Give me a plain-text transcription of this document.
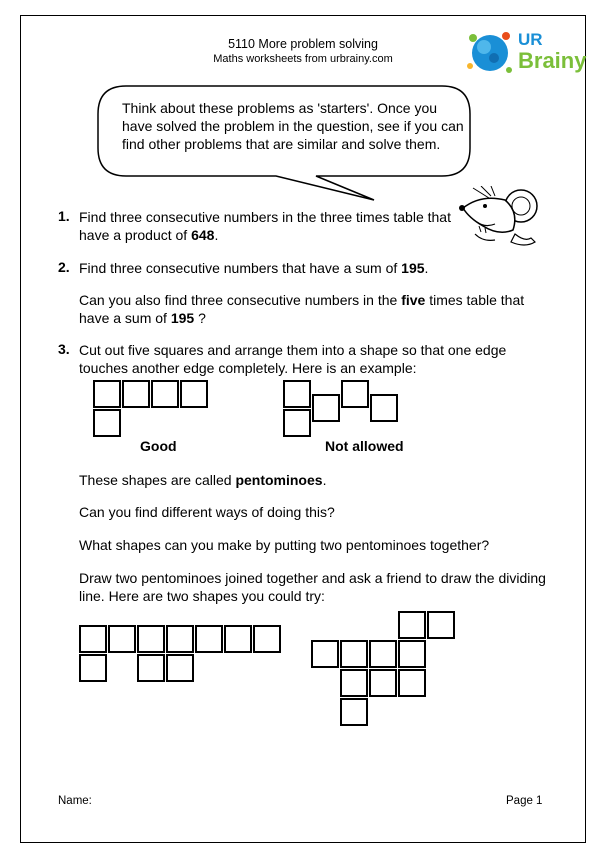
5110 More problem solving
Maths worksheets from urbrainy.com
UR
Brainy
Think about these problems as 'starters'. Once you have solved the problem in the question, see if you can find other problems that are similar and solve them.
1. Find three consecutive numbers in the three times table that have a product of 648.
2. Find three consecutive numbers that have a sum of 195.
Can you also find three consecutive numbers in the five times table that have a sum of 195 ?
3. Cut out five squares and arrange them into a shape so that one edge touches another edge completely. Here is an example:
Good	Not allowed
These shapes are called pentominoes.
Can you find different ways of doing this?
What shapes can you make by putting two pentominoes together?
Draw two pentominoes joined together and ask a friend to draw the dividing line. Here are two shapes you could try:
Name:	Page 1
